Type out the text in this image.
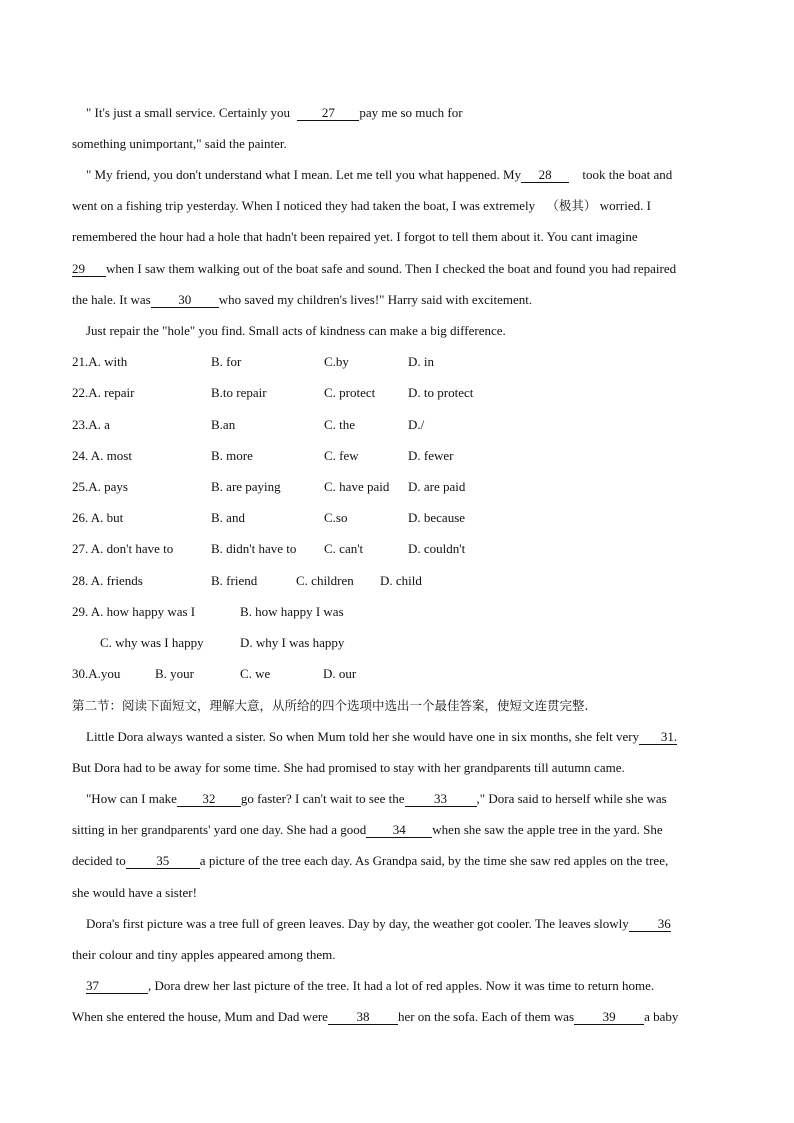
" It's just a small service. Certainly you 27 pay me so much for
something unimportant," said the painter.
" My friend, you don't understand what I mean. Let me tell you what happened. My 28 took the boat and
went on a fishing trip yesterday. When I noticed they had taken the boat, I was extremely （极其） worried. I
remembered the hour had a hole that hadn't been repaired yet. I forgot to tell them about it. You cant imagine
29 when I saw them walking out of the boat safe and sound. Then I checked the boat and found you had repaired
the hale. It was 30 who saved my children's lives!" Harry said with excitement.
Just repair the "hole" you find. Small acts of kindness can make a big difference.
21.A. with	B. for	C.by	D. in
22.A. repair	B.to repair	C. protect	D. to protect
23.A. a	B.an	C. the	D./
24. A. most	B. more	C. few	D. fewer
25.A. pays	B. are paying	C. have paid D. are paid
26. A. but	B. and	C.so	D. because
27. A. don't have to	B. didn't have to C. can't	D. couldn't
28. A. friends	B. friend	C. children D. child
29. A. how happy was I	B. how happy I was
C. why was I happy	D. why I was happy
30.A.you	B. your	C. we	D. our
第二节：阅读下面短文，理解大意，从所给的四个选项中选出一个最佳答案，使短文连贯完整.
Little Dora always wanted a sister. So when Mum told her she would have one in six months, she felt very 31.
But Dora had to be away for some time. She had promised to stay with her grandparents till autumn came.
"How can I make 32 go faster? I can't wait to see the 33 ," Dora said to herself while she was
sitting in her grandparents' yard one day. She had a good 34 when she saw the apple tree in the yard. She
decided to 35 a picture of the tree each day. As Grandpa said, by the time she saw red apples on the tree,
she would have a sister!
Dora's first picture was a tree full of green leaves. Day by day, the weather got cooler. The leaves slowly 36
their colour and tiny apples appeared among them.
37	, Dora drew her last picture of the tree. It had a lot of red apples. Now it was time to return home.
When she entered the house, Mum and Dad were 38 her on the sofa. Each of them was 39 a baby
